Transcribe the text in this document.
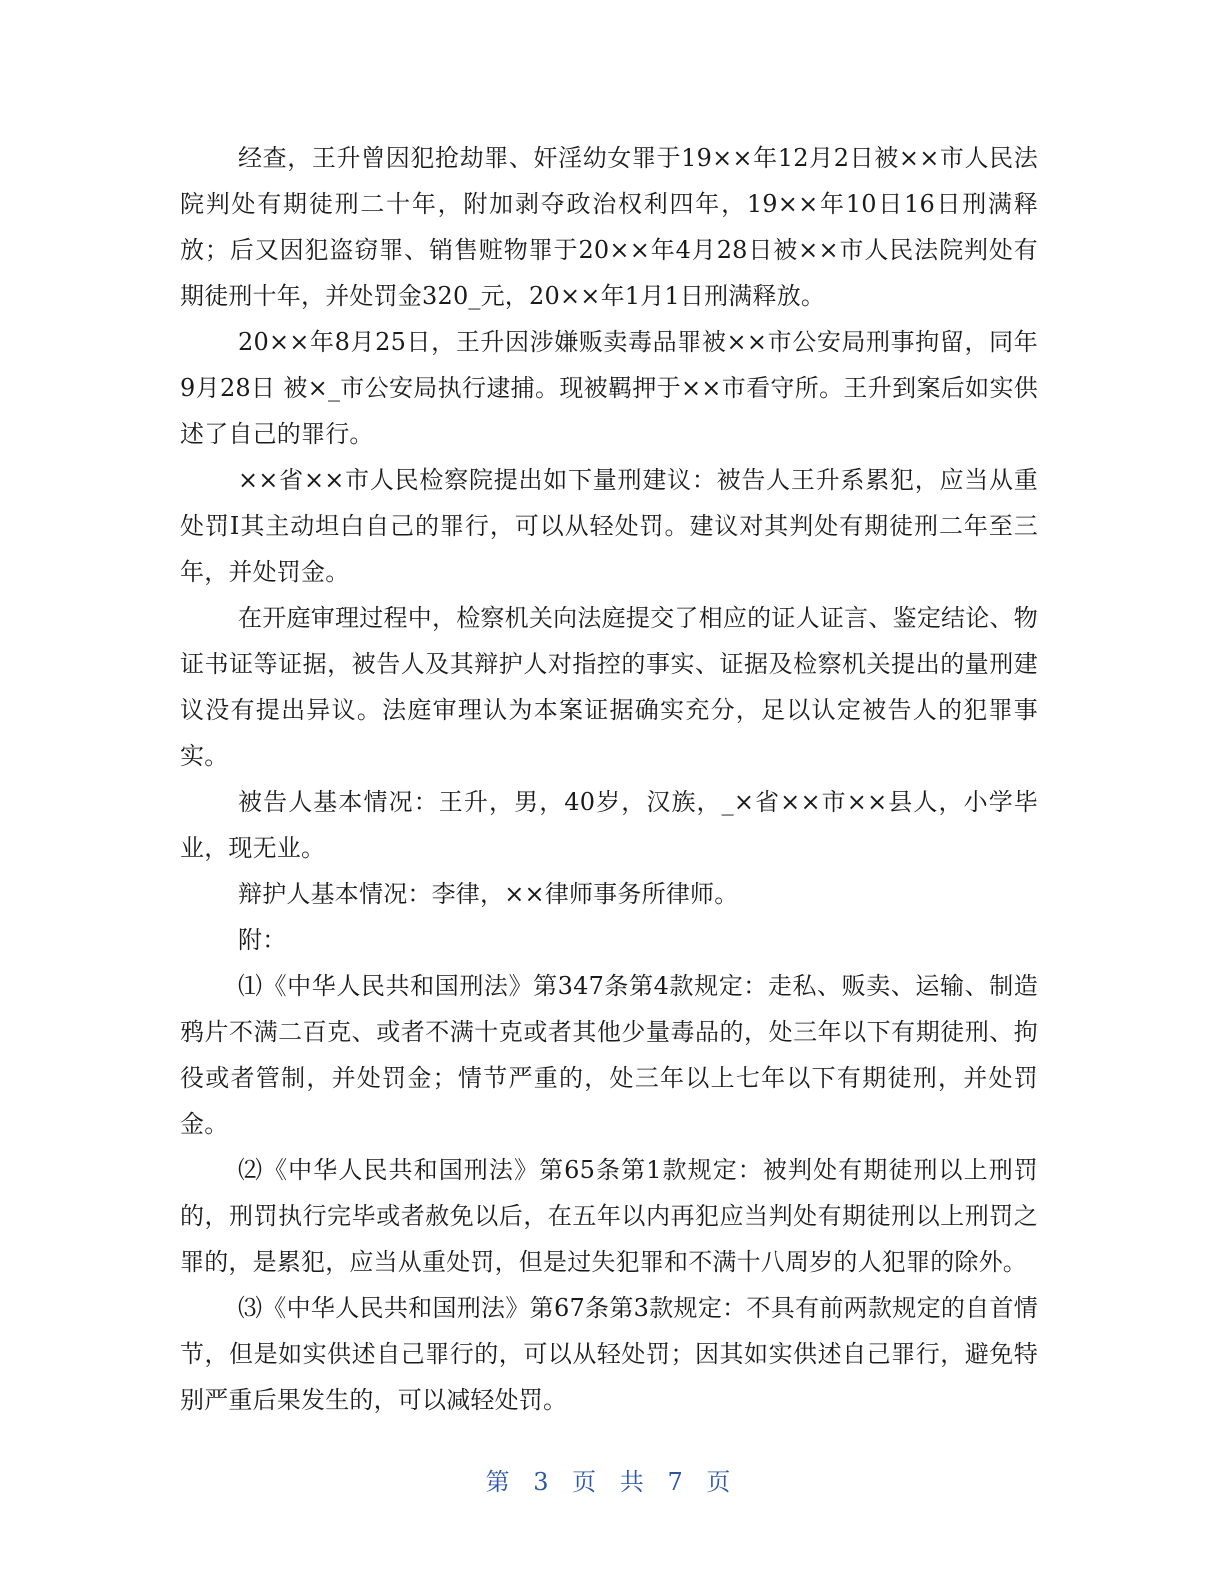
经查，王升曾因犯抢劫罪、奸淫幼女罪于19××年12月2日被××市人民法院判处有期徒刑二十年，附加剥夺政治权利四年，19××年10日16日刑满释放；后又因犯盗窃罪、销售赃物罪于20××年4月28日被××市人民法院判处有期徒刑十年，并处罚金320_元，20××年1月1日刑满释放。

20××年8月25日，王升因涉嫌贩卖毒品罪被××市公安局刑事拘留，同年9月28日 被×_市公安局执行逮捕。现被羁押于××市看守所。王升到案后如实供述了自己的罪行。

××省××市人民检察院提出如下量刑建议：被告人王升系累犯，应当从重处罚I其主动坦白自己的罪行，可以从轻处罚。建议对其判处有期徒刑二年至三年，并处罚金。

在开庭审理过程中，检察机关向法庭提交了相应的证人证言、鉴定结论、物证书证等证据，被告人及其辩护人对指控的事实、证据及检察机关提出的量刑建议没有提出异议。法庭审理认为本案证据确实充分，足以认定被告人的犯罪事实。

被告人基本情况：王升，男，40岁，汉族，_×省××市××县人，小学毕业，现无业。

辩护人基本情况：李律，××律师事务所律师。

附：

⑴《中华人民共和国刑法》第347条第4款规定：走私、贩卖、运输、制造鸦片不满二百克、或者不满十克或者其他少量毒品的，处三年以下有期徒刑、拘役或者管制，并处罚金；情节严重的，处三年以上七年以下有期徒刑，并处罚金。

⑵《中华人民共和国刑法》第65条第1款规定：被判处有期徒刑以上刑罚的，刑罚执行完毕或者赦免以后，在五年以内再犯应当判处有期徒刑以上刑罚之罪的，是累犯，应当从重处罚，但是过失犯罪和不满十八周岁的人犯罪的除外。

⑶《中华人民共和国刑法》第67条第3款规定：不具有前两款规定的自首情节，但是如实供述自己罪行的，可以从轻处罚；因其如实供述自己罪行，避免特别严重后果发生的，可以减轻处罚。

第 3 页 共 7 页
